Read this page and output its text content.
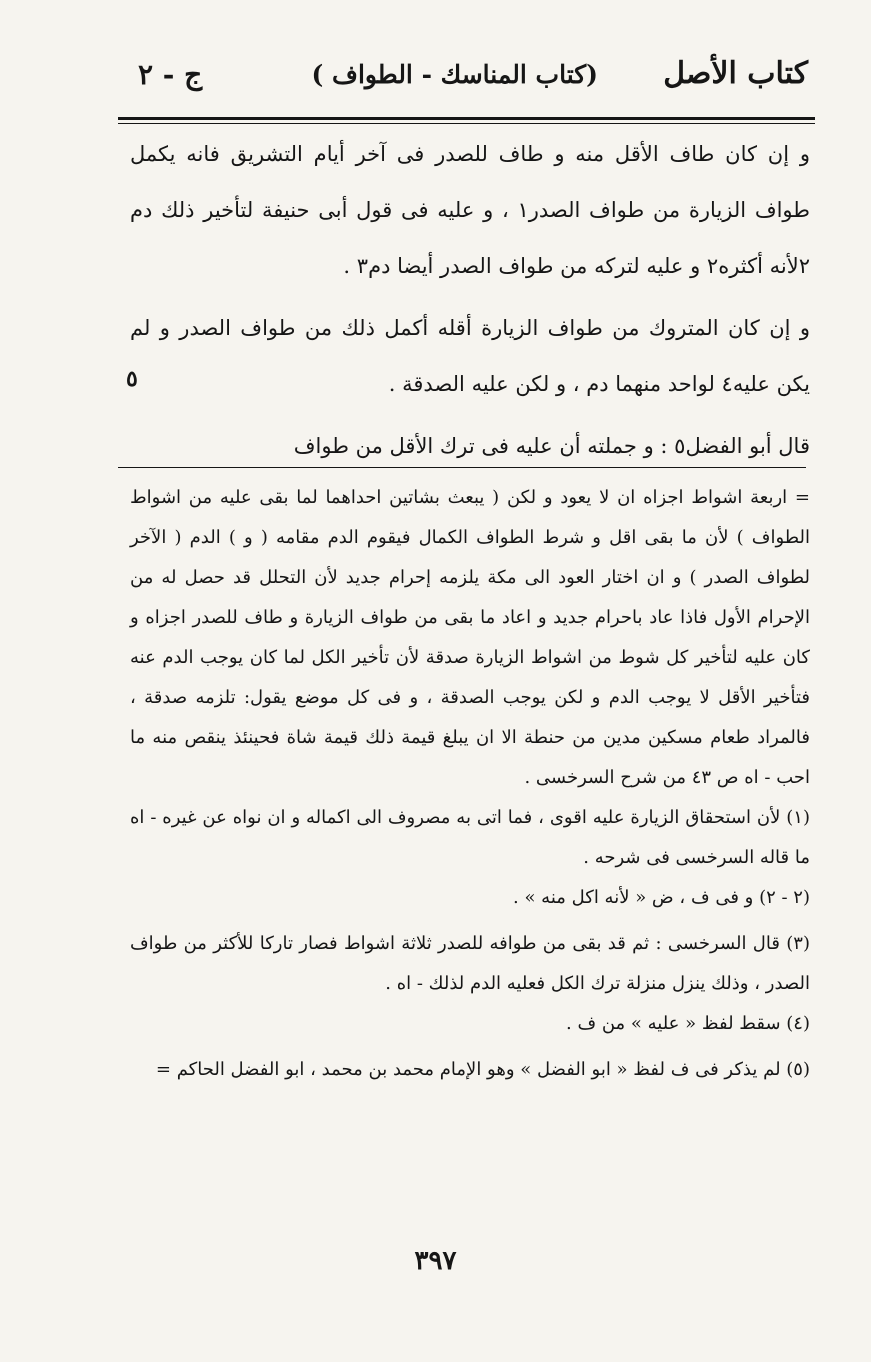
كتاب الأصل
(كتاب المناسك - الطواف )
ج - ٢

و إن كان طاف الأقل منه و طاف للصدر فى آخر أيام التشريق فانه يكمل طواف الزيارة من طواف الصدر١ ، و عليه فى قول أبى حنيفة لتأخير ذلك دم ٢لأنه أكثره٢ و عليه لتركه من طواف الصدر أيضا دم٣ .

و إن كان المتروك من طواف الزيارة أقله أكمل ذلك من طواف الصدر و لم يكن عليه٤ لواحد منهما دم ، و لكن عليه الصدقة .

قال أبو الفضل٥ : و جملته أن عليه فى ترك الأقل من طواف

٥

= اربعة اشواط اجزاه ان لا يعود و لكن ( يبعث بشاتين احداهما لما بقى عليه من اشواط الطواف ) لأن ما بقى اقل و شرط الطواف الكمال فيقوم الدم مقامه ( و ) الدم ( الآخر لطواف الصدر ) و ان اختار العود الى مكة يلزمه إحرام جديد لأن التحلل قد حصل له من الإحرام الأول فاذا عاد باحرام جديد و اعاد ما بقى من طواف الزيارة و طاف للصدر اجزاه و كان عليه لتأخير كل شوط من اشواط الزيارة صدقة لأن تأخير الكل لما كان يوجب الدم عنه فتأخير الأقل لا يوجب الدم و لكن يوجب الصدقة ، و فى كل موضع يقول: تلزمه صدقة ، فالمراد طعام مسكين مدين من حنطة الا ان يبلغ قيمة ذلك قيمة شاة فحينئذ ينقص منه ما احب - اه ص ٤٣ من شرح السرخسى .

(١) لأن استحقاق الزيارة عليه اقوى ، فما اتى به مصروف الى اكماله و ان نواه عن غيره - اه ما قاله السرخسى فى شرحه .

(٢ - ٢) و فى ف ، ض « لأنه اكل منه » .

(٣) قال السرخسى : ثم قد بقى من طوافه للصدر ثلاثة اشواط فصار تاركا للأكثر من طواف الصدر ، وذلك ينزل منزلة ترك الكل فعليه الدم لذلك - اه .

(٤) سقط لفظ « عليه » من ف .

(٥) لم يذكر فى ف لفظ « ابو الفضل » وهو الإمام محمد بن محمد ، ابو الفضل الحاكم =

٣٩٧
